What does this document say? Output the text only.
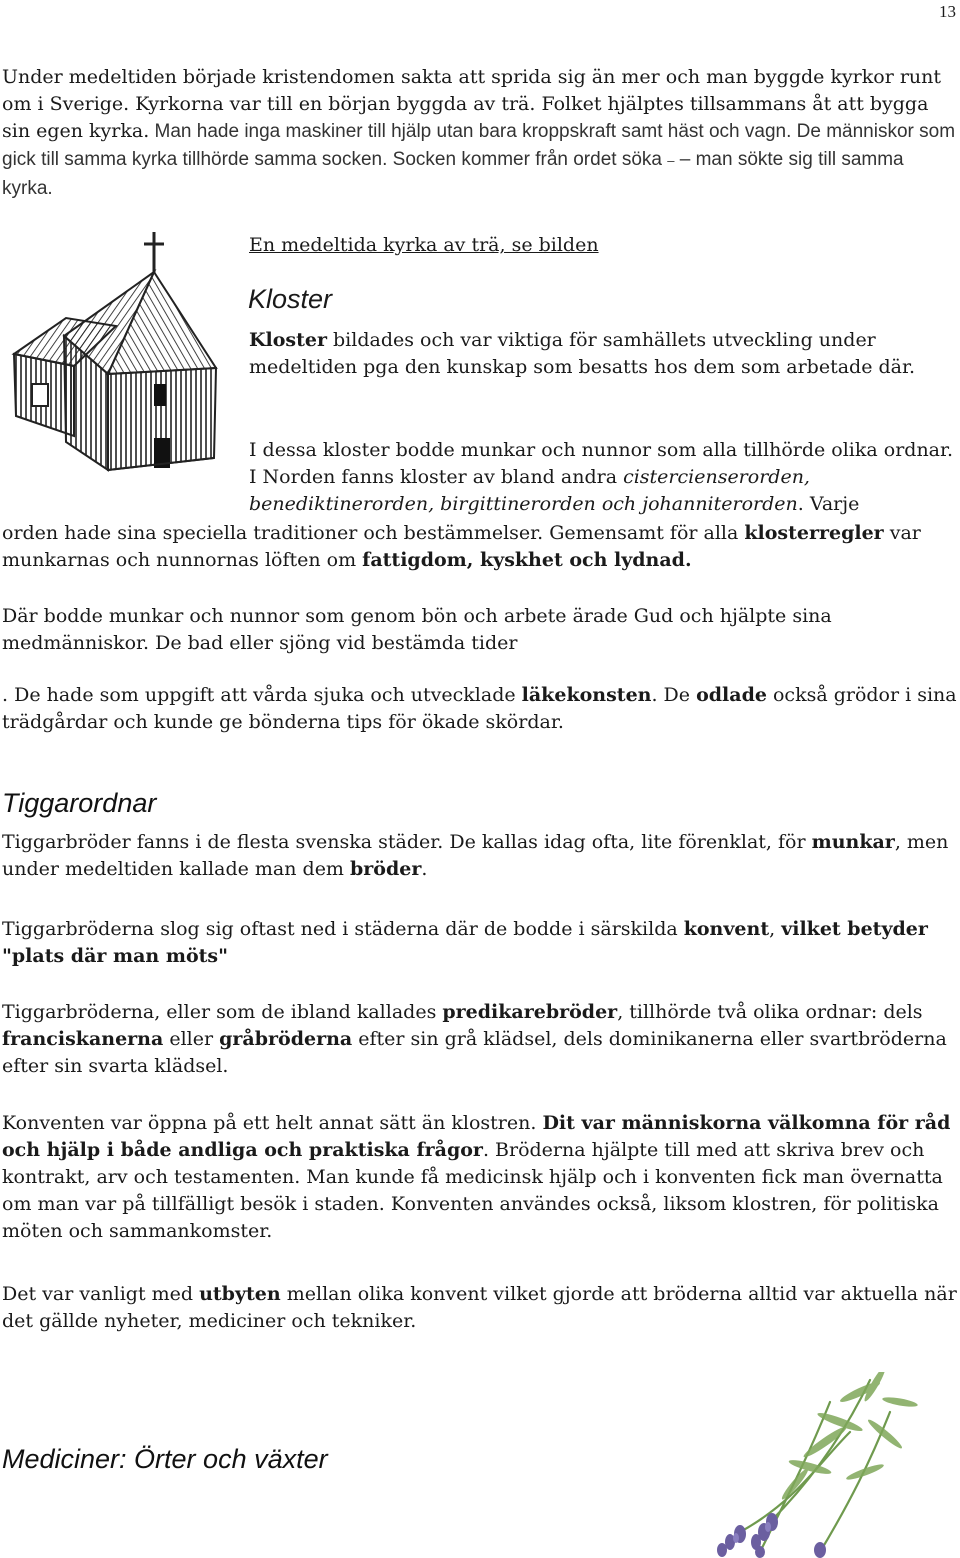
13

Under medeltiden började kristendomen sakta att sprida sig än mer och man byggde kyrkor runt om i Sverige. Kyrkorna var till en början byggda av trä. Folket hjälptes tillsammans åt att bygga sin egen kyrka. Man hade inga maskiner till hjälp utan bara kroppskraft samt häst och vagn. De människor som gick till samma kyrka tillhörde samma socken. Socken kommer från ordet söka – – man sökte sig till samma kyrka.

En medeltida kyrka av trä, se bilden
Kloster

Kloster bildades och var viktiga för samhällets utveckling under medeltiden pga den kunskap som besatts hos dem som arbetade där.

I dessa kloster bodde munkar och nunnor som alla tillhörde olika ordnar. I Norden fanns kloster av bland andra cistercienserorden, benediktinerorden, birgittinerorden och johanniterorden. Varje

orden hade sina speciella traditioner och bestämmelser. Gemensamt för alla klosterregler var munkarnas och nunnornas löften om fattigdom, kyskhet och lydnad.

Där bodde munkar och nunnor som genom bön och arbete ärade Gud och hjälpte sina medmänniskor. De bad eller sjöng vid bestämda tider

. De hade som uppgift att vårda sjuka och utvecklade läkekonsten. De odlade också grödor i sina trädgårdar och kunde ge bönderna tips för ökade skördar.

Tiggarordnar

Tiggarbröder fanns i de flesta svenska städer. De kallas idag ofta, lite förenklat, för munkar, men under medeltiden kallade man dem bröder.

Tiggarbröderna slog sig oftast ned i städerna där de bodde i särskilda konvent, vilket betyder "plats där man möts"

Tiggarbröderna, eller som de ibland kallades predikarebröder, tillhörde två olika ordnar: dels franciskanerna eller gråbröderna efter sin grå klädsel, dels dominikanerna eller svartbröderna efter sin svarta klädsel.

Konventen var öppna på ett helt annat sätt än klostren. Dit var människorna välkomna för råd och hjälp i både andliga och praktiska frågor. Bröderna hjälpte till med att skriva brev och kontrakt, arv och testamenten. Man kunde få medicinsk hjälp och i konventen fick man övernatta om man var på tillfälligt besök i staden. Konventen användes också, liksom klostren, för politiska möten och sammankomster.

Det var vanligt med utbyten mellan olika konvent vilket gjorde att bröderna alltid var aktuella när det gällde nyheter, mediciner och tekniker.

Mediciner: Örter och växter
